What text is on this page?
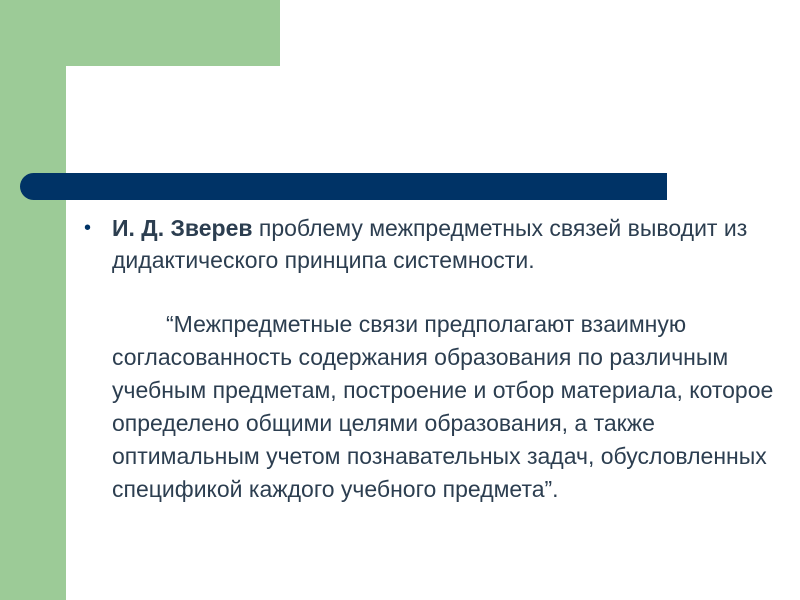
• И. Д. Зверев проблему межпредметных связей выводит из дидактического принципа системности.
“Межпредметные связи предполагают взаимную согласованность содержания образования по различным учебным предметам, построение и отбор материала, которое определено общими целями образования, а также оптимальным учетом познавательных задач, обусловленных спецификой каждого учебного предмета”.
